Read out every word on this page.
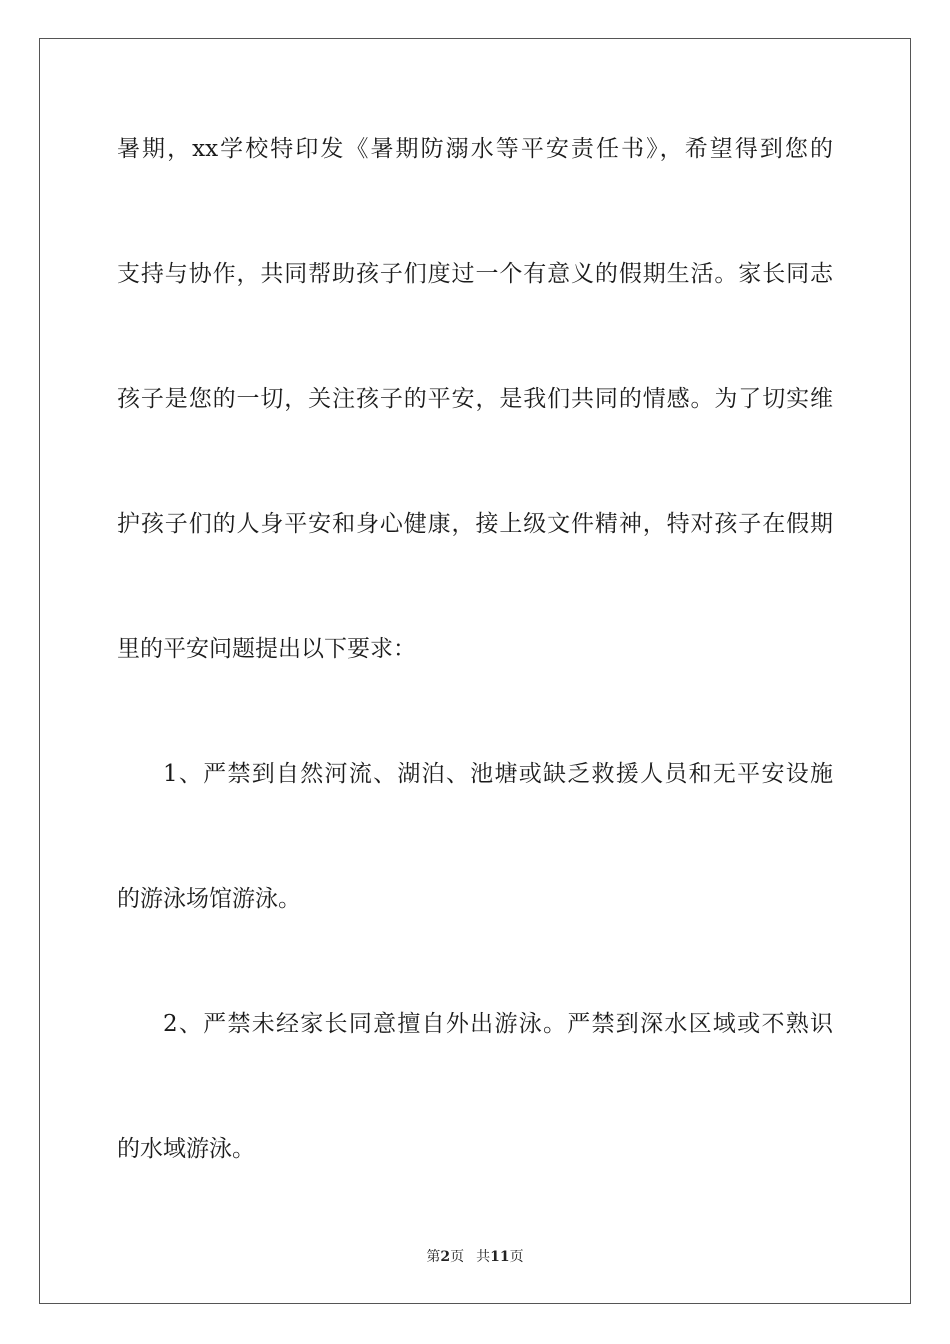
暑期，xx学校特印发《暑期防溺水等平安责任书》，希望得到您的
支持与协作，共同帮助孩子们度过一个有意义的假期生活。家长同志
孩子是您的一切，关注孩子的平安，是我们共同的情感。为了切实维
护孩子们的人身平安和身心健康，接上级文件精神，特对孩子在假期
里的平安问题提出以下要求：
1、严禁到自然河流、湖泊、池塘或缺乏救援人员和无平安设施
的游泳场馆游泳。
2、严禁未经家长同意擅自外出游泳。严禁到深水区域或不熟识
的水域游泳。
第2页 共11页
